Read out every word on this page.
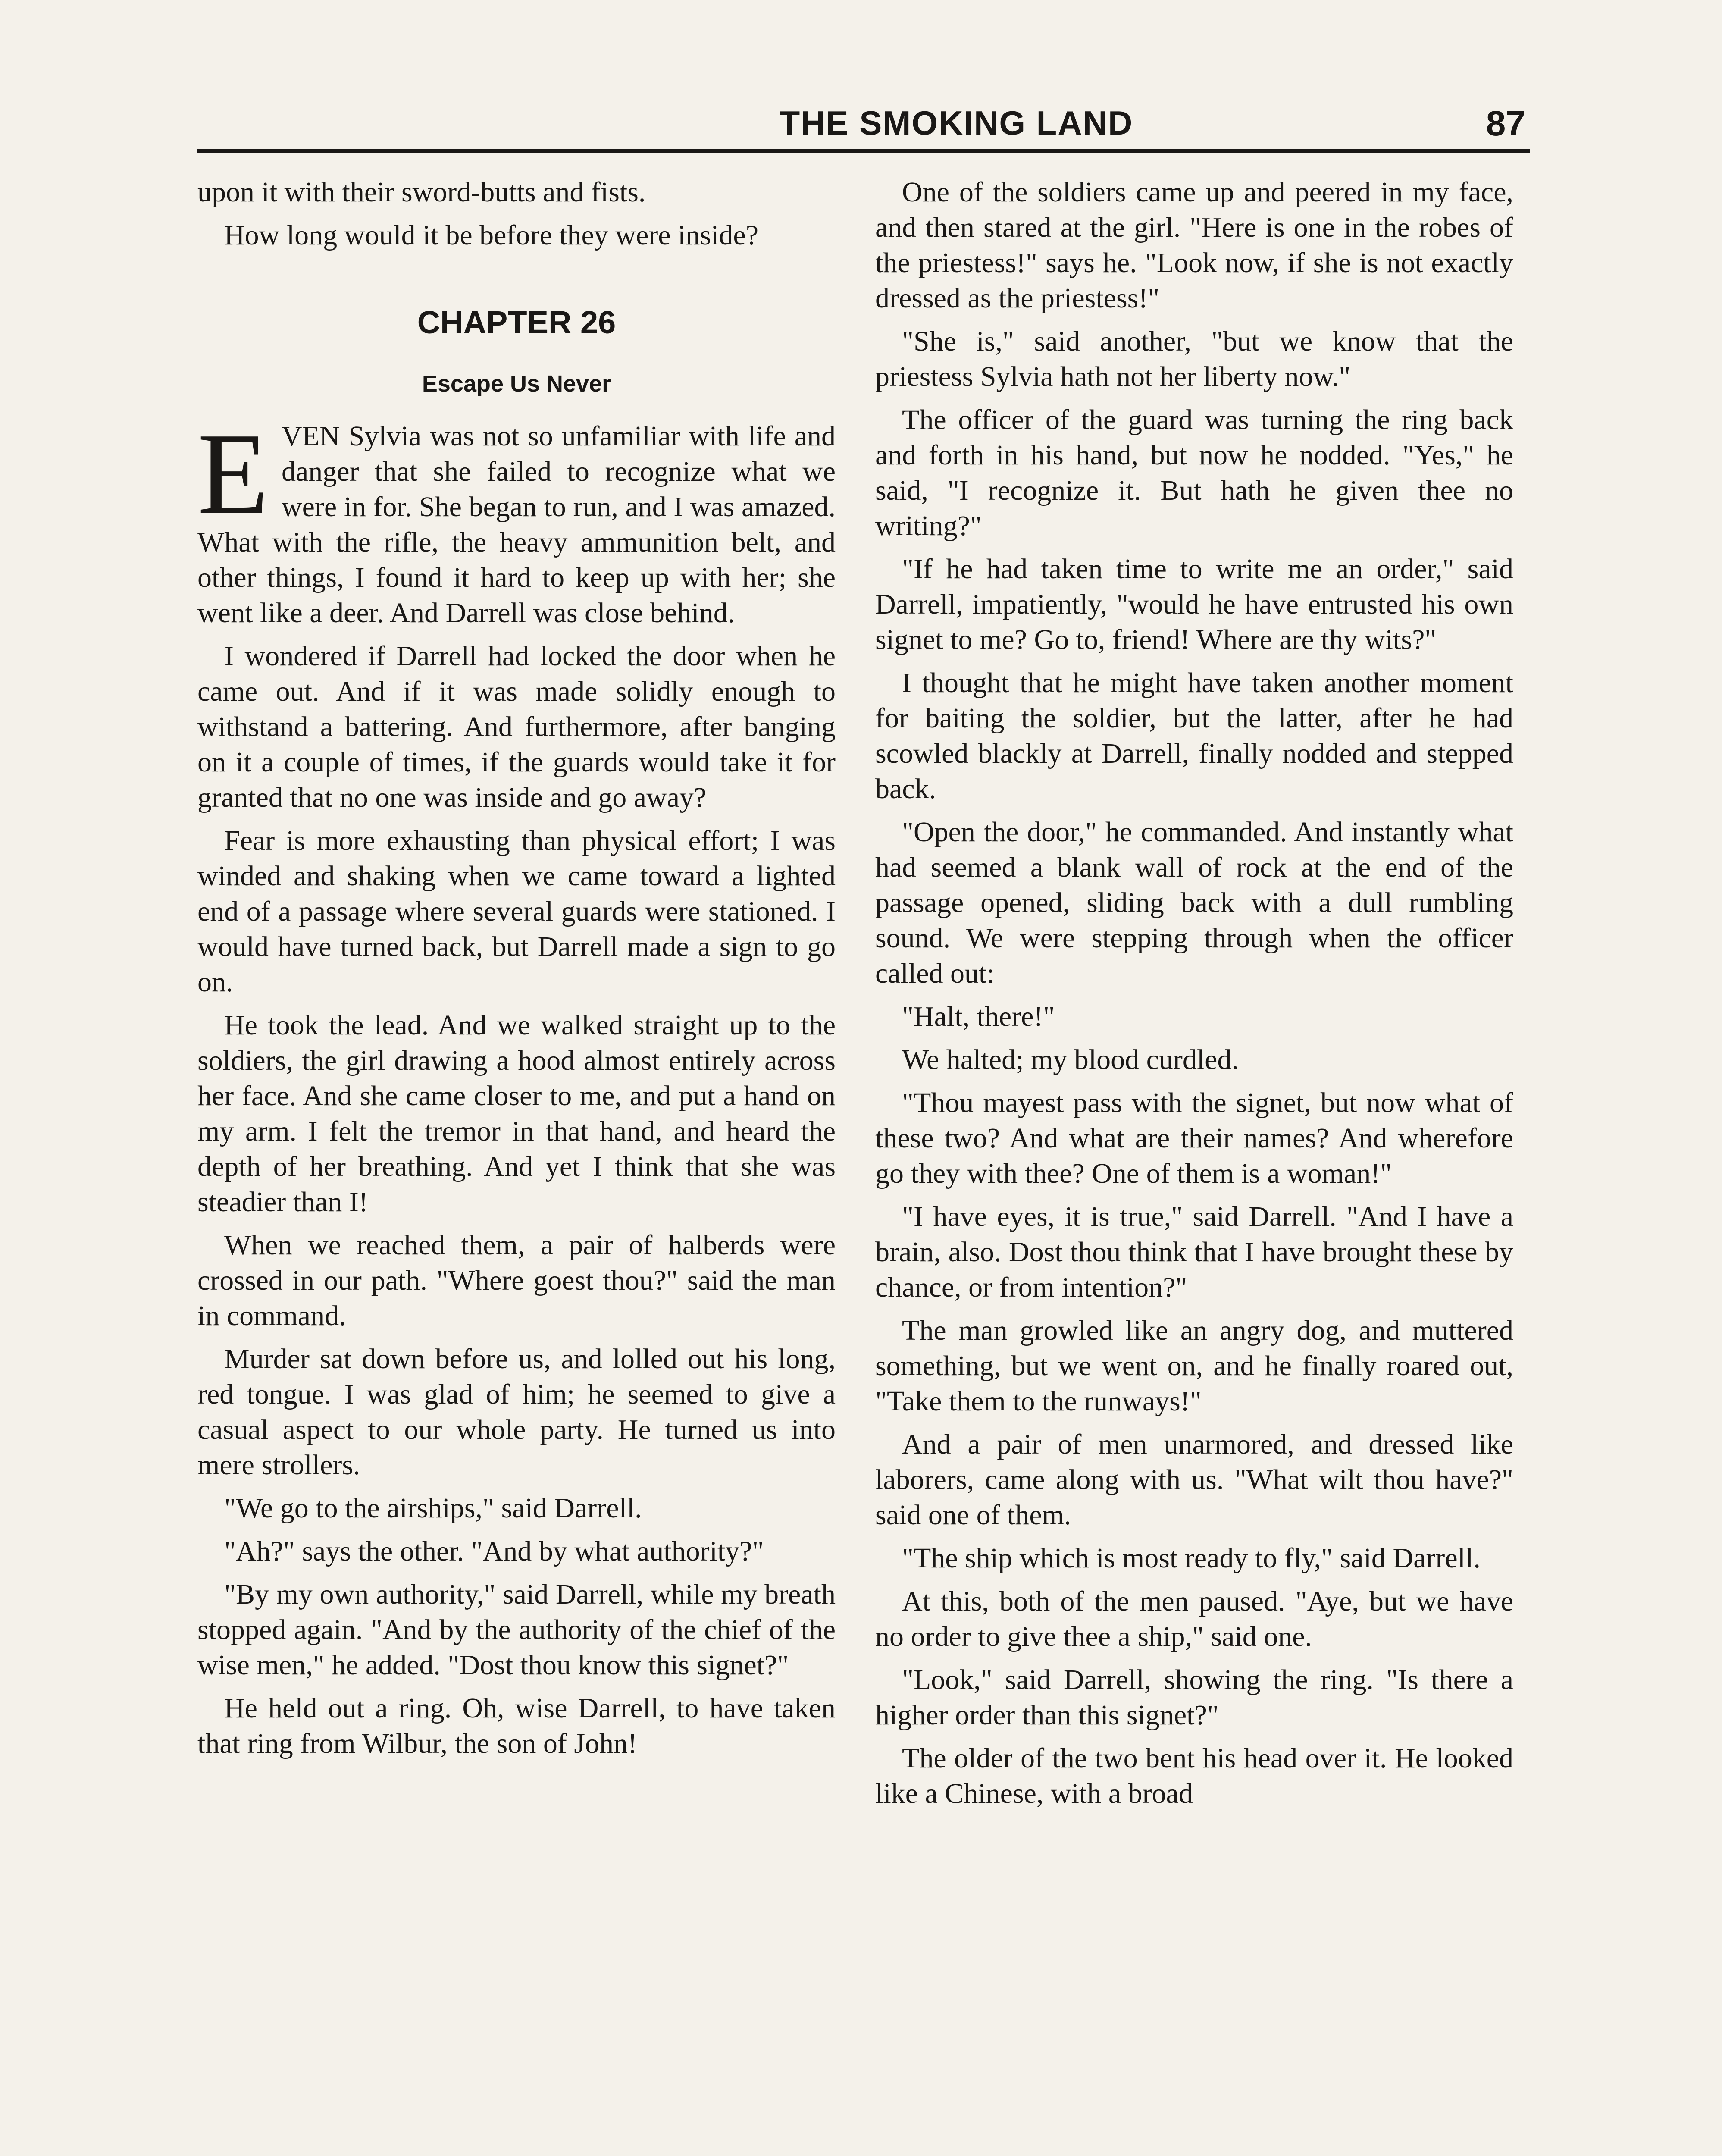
THE SMOKING LAND	87

upon it with their sword-butts and fists.

How long would it be before they were inside?

CHAPTER 26
Escape Us Never

EVEN Sylvia was not so unfamiliar with life and danger that she failed to recognize what we were in for. She began to run, and I was amazed. What with the rifle, the heavy ammunition belt, and other things, I found it hard to keep up with her; she went like a deer. And Darrell was close behind.

I wondered if Darrell had locked the door when he came out. And if it was made solidly enough to withstand a battering. And furthermore, after banging on it a couple of times, if the guards would take it for granted that no one was inside and go away?

Fear is more exhausting than physical effort; I was winded and shaking when we came toward a lighted end of a passage where several guards were stationed. I would have turned back, but Darrell made a sign to go on.

He took the lead. And we walked straight up to the soldiers, the girl drawing a hood almost entirely across her face. And she came closer to me, and put a hand on my arm. I felt the tremor in that hand, and heard the depth of her breathing. And yet I think that she was steadier than I!

When we reached them, a pair of halberds were crossed in our path. "Where goest thou?" said the man in command.

Murder sat down before us, and lolled out his long, red tongue. I was glad of him; he seemed to give a casual aspect to our whole party. He turned us into mere strollers.

"We go to the airships," said Darrell.

"Ah?" says the other. "And by what authority?"

"By my own authority," said Darrell, while my breath stopped again. "And by the authority of the chief of the wise men," he added. "Dost thou know this signet?"

He held out a ring. Oh, wise Darrell, to have taken that ring from Wilbur, the son of John!

One of the soldiers came up and peered in my face, and then stared at the girl. "Here is one in the robes of the priestess!" says he. "Look now, if she is not exactly dressed as the priestess!"

"She is," said another, "but we know that the priestess Sylvia hath not her liberty now."

The officer of the guard was turning the ring back and forth in his hand, but now he nodded. "Yes," he said, "I recognize it. But hath he given thee no writing?"

"If he had taken time to write me an order," said Darrell, impatiently, "would he have entrusted his own signet to me? Go to, friend! Where are thy wits?"

I thought that he might have taken another moment for baiting the soldier, but the latter, after he had scowled blackly at Darrell, finally nodded and stepped back.

"Open the door," he commanded. And instantly what had seemed a blank wall of rock at the end of the passage opened, sliding back with a dull rumbling sound. We were stepping through when the officer called out:

"Halt, there!"

We halted; my blood curdled.

"Thou mayest pass with the signet, but now what of these two? And what are their names? And wherefore go they with thee? One of them is a woman!"

"I have eyes, it is true," said Darrell. "And I have a brain, also. Dost thou think that I have brought these by chance, or from intention?"

The man growled like an angry dog, and muttered something, but we went on, and he finally roared out, "Take them to the runways!"

And a pair of men unarmored, and dressed like laborers, came along with us. "What wilt thou have?" said one of them.

"The ship which is most ready to fly," said Darrell.

At this, both of the men paused. "Aye, but we have no order to give thee a ship," said one.

"Look," said Darrell, showing the ring. "Is there a higher order than this signet?"

The older of the two bent his head over it. He looked like a Chinese, with a broad
